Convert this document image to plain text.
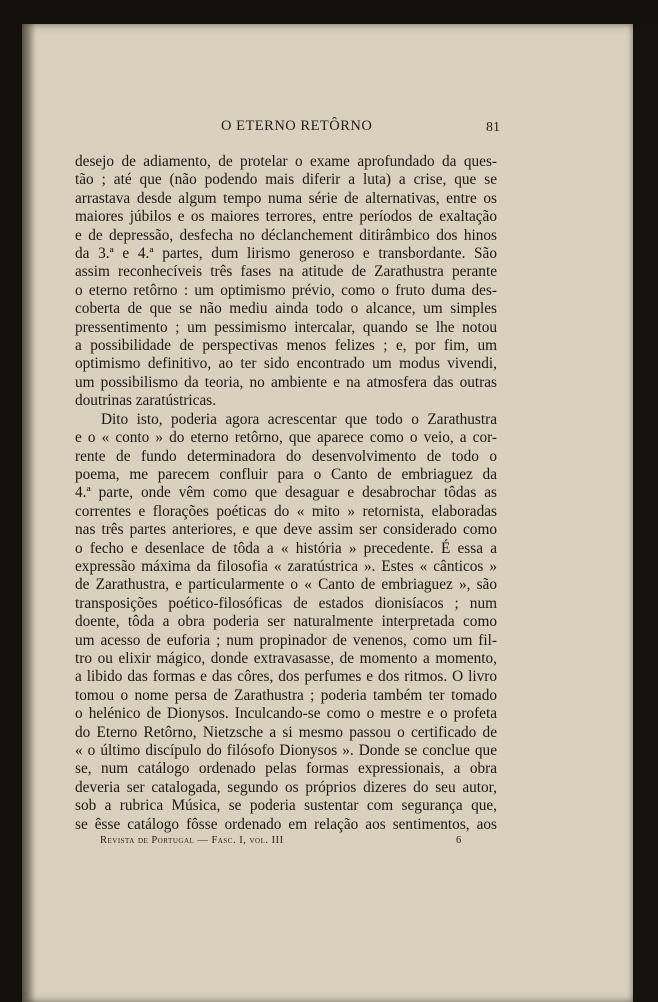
O ETERNO RETÔRNO	81

desejo de adiamento, de protelar o exame aprofundado da ques-

tão ; até que (não podendo mais diferir a luta) a crise, que se

arrastava desde algum tempo numa série de alternativas, entre os

maiores júbilos e os maiores terrores, entre períodos de exaltação

e de depressão, desfecha no déclanchement ditirâmbico dos hinos

da 3.ª e 4.ª partes, dum lirismo generoso e transbordante. São

assim reconhecíveis três fases na atitude de Zarathustra perante

o eterno retôrno : um optimismo prévio, como o fruto duma des-

coberta de que se não mediu ainda todo o alcance, um simples

pressentimento ; um pessimismo intercalar, quando se lhe notou

a possibilidade de perspectivas menos felizes ; e, por fim, um

optimismo definitivo, ao ter sido encontrado um modus vivendi,

um possibilismo da teoria, no ambiente e na atmosfera das outras

doutrinas zaratústricas.

Dito isto, poderia agora acrescentar que todo o Zarathustra

e o « conto » do eterno retôrno, que aparece como o veio, a cor-

rente de fundo determinadora do desenvolvimento de todo o

poema, me parecem confluir para o Canto de embriaguez da

4.ª parte, onde vêm como que desaguar e desabrochar tôdas as

correntes e florações poéticas do « mito » retornista, elaboradas

nas três partes anteriores, e que deve assim ser considerado como

o fecho e desenlace de tôda a « história » precedente. É essa a

expressão máxima da filosofia « zaratústrica ». Estes « cânticos »

de Zarathustra, e particularmente o « Canto de embriaguez », são

transposições poético-filosóficas de estados dionisíacos ; num

doente, tôda a obra poderia ser naturalmente interpretada como

um acesso de euforia ; num propinador de venenos, como um fil-

tro ou elixir mágico, donde extravasasse, de momento a momento,

a libido das formas e das côres, dos perfumes e dos ritmos. O livro

tomou o nome persa de Zarathustra ; poderia também ter tomado

o helénico de Dionysos. Inculcando-se como o mestre e o profeta

do Eterno Retôrno, Nietzsche a si mesmo passou o certificado de

« o último discípulo do filósofo Dionysos ». Donde se conclue que

se, num catálogo ordenado pelas formas expressionais, a obra

deveria ser catalogada, segundo os próprios dizeres do seu autor,

sob a rubrica Música, se poderia sustentar com segurança que,

se êsse catálogo fôsse ordenado em relação aos sentimentos, aos

Revista de Portugal — Fasc. I, vol. III	6
